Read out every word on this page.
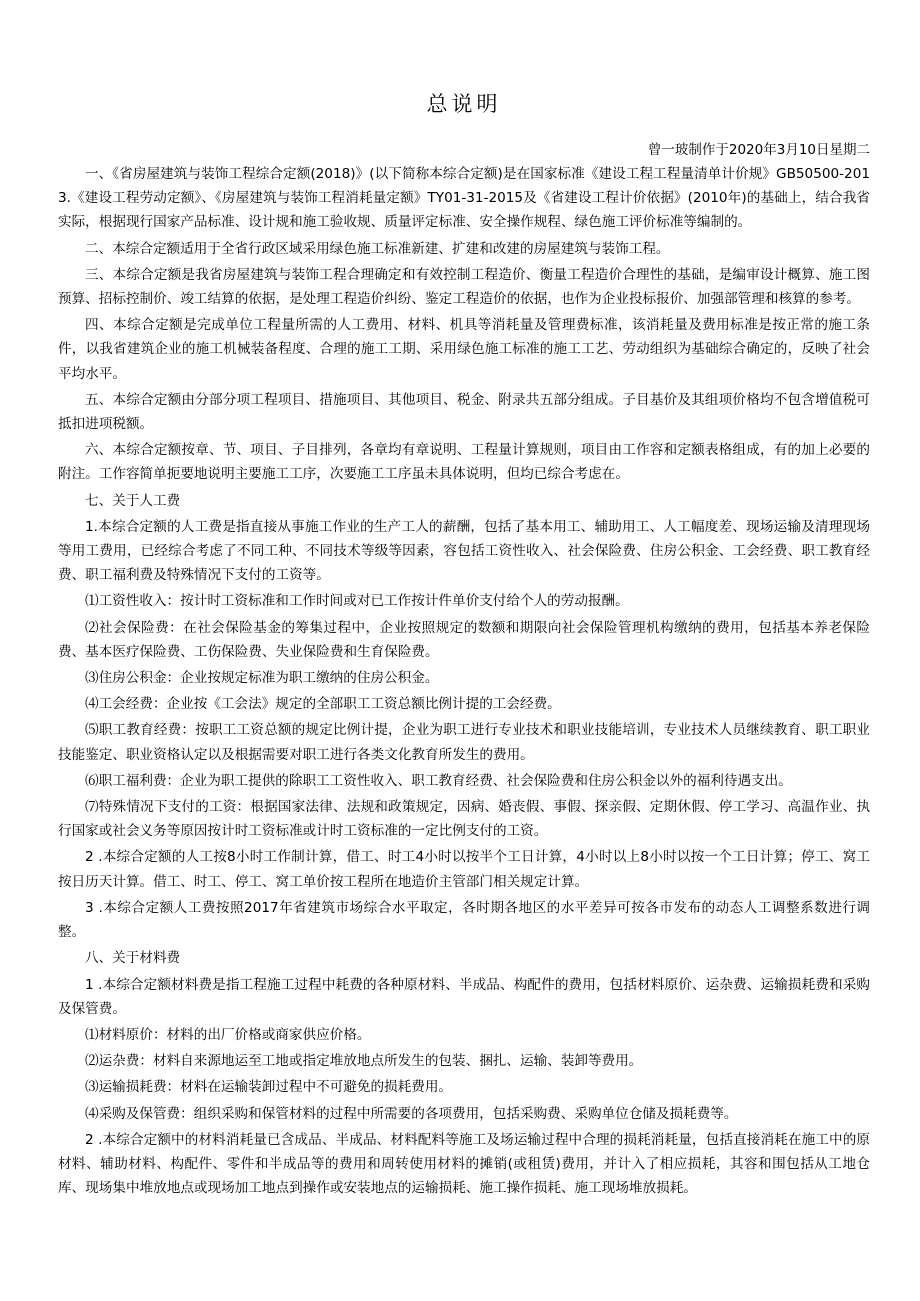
总说明

曾一玻制作于2020年3月10日星期二

一、《省房屋建筑与装饰工程综合定额(2018)》(以下简称本综合定额)是在国家标准《建设工程工程量清单计价规》GB50500-2013.《建设工程劳动定额》、《房屋建筑与装饰工程消耗量定额》TY01-31-2015及《省建设工程计价依据》(2010年)的基础上，结合我省实际，根据现行国家产品标准、设计规和施工验收规、质量评定标准、安全操作规程、绿色施工评价标准等编制的。

二、本综合定额适用于全省行政区域采用绿色施工标准新建、扩建和改建的房屋建筑与装饰工程。

三、本综合定额是我省房屋建筑与装饰工程合理确定和有效控制工程造价、衡量工程造价合理性的基础，是编审设计概算、施工图预算、招标控制价、竣工结算的依据，是处理工程造价纠纷、鉴定工程造价的依据，也作为企业投标报价、加强部管理和核算的参考。

四、本综合定额是完成单位工程量所需的人工费用、材料、机具等消耗量及管理费标准，该消耗量及费用标准是按正常的施工条件，以我省建筑企业的施工机械装备程度、合理的施工工期、采用绿色施工标准的施工工艺、劳动组织为基础综合确定的，反映了社会平均水平。

五、本综合定额由分部分项工程项目、措施项目、其他项目、税金、附录共五部分组成。子目基价及其组项价格均不包含增值税可抵扣进项税额。

六、本综合定额按章、节、项目、子目排列，各章均有章说明、工程量计算规则，项目由工作容和定额表格组成，有的加上必要的附注。工作容简单扼要地说明主要施工工序，次要施工工序虽未具体说明，但均已综合考虑在。

七、关于人工费

1.本综合定额的人工费是指直接从事施工作业的生产工人的薪酬，包括了基本用工、辅助用工、人工幅度差、现场运输及清理现场等用工费用，已经综合考虑了不同工种、不同技术等级等因素，容包括工资性收入、社会保险费、住房公积金、工会经费、职工教育经费、职工福利费及特殊情况下支付的工资等。

⑴工资性收入：按计时工资标准和工作时间或对已工作按计件单价支付给个人的劳动报酬。

⑵社会保险费：在社会保险基金的筹集过程中，企业按照规定的数额和期限向社会保险管理机构缴纳的费用，包括基本养老保险费、基本医疗保险费、工伤保险费、失业保险费和生育保险费。

⑶住房公积金：企业按规定标准为职工缴纳的住房公积金。

⑷工会经费：企业按《工会法》规定的全部职工工资总额比例计提的工会经费。

⑸职工教育经费：按职工工资总额的规定比例计提，企业为职工进行专业技术和职业技能培训，专业技术人员继续教育、职工职业技能鉴定、职业资格认定以及根据需要对职工进行各类文化教育所发生的费用。

⑹职工福利费：企业为职工提供的除职工工资性收入、职工教育经费、社会保险费和住房公积金以外的福利待遇支出。

⑺特殊情况下支付的工资：根据国家法律、法规和政策规定，因病、婚丧假、事假、探亲假、定期休假、停工学习、高温作业、执行国家或社会义务等原因按计时工资标准或计时工资标准的一定比例支付的工资。

2 .本综合定额的人工按8小时工作制计算，借工、时工4小时以按半个工日计算，4小时以上8小时以按一个工日计算；停工、窝工按日历天计算。借工、时工、停工、窝工单价按工程所在地造价主管部门相关规定计算。

3 .本综合定额人工费按照2017年省建筑市场综合水平取定，各时期各地区的水平差异可按各市发布的动态人工调整系数进行调整。

八、关于材料费

1 .本综合定额材料费是指工程施工过程中耗费的各种原材料、半成品、构配件的费用，包括材料原价、运杂费、运输损耗费和采购及保管费。

⑴材料原价：材料的出厂价格或商家供应价格。

⑵运杂费：材料自来源地运至工地或指定堆放地点所发生的包装、捆扎、运输、装卸等费用。

⑶运输损耗费：材料在运输装卸过程中不可避免的损耗费用。

⑷采购及保管费：组织采购和保管材料的过程中所需要的各项费用，包括采购费、采购单位仓储及损耗费等。

2 .本综合定额中的材料消耗量已含成品、半成品、材料配料等施工及场运输过程中合理的损耗消耗量，包括直接消耗在施工中的原材料、辅助材料、构配件、零件和半成品等的费用和周转使用材料的摊销(或租赁)费用，并计入了相应损耗，其容和围包括从工地仓库、现场集中堆放地点或现场加工地点到操作或安装地点的运输损耗、施工操作损耗、施工现场堆放损耗。
